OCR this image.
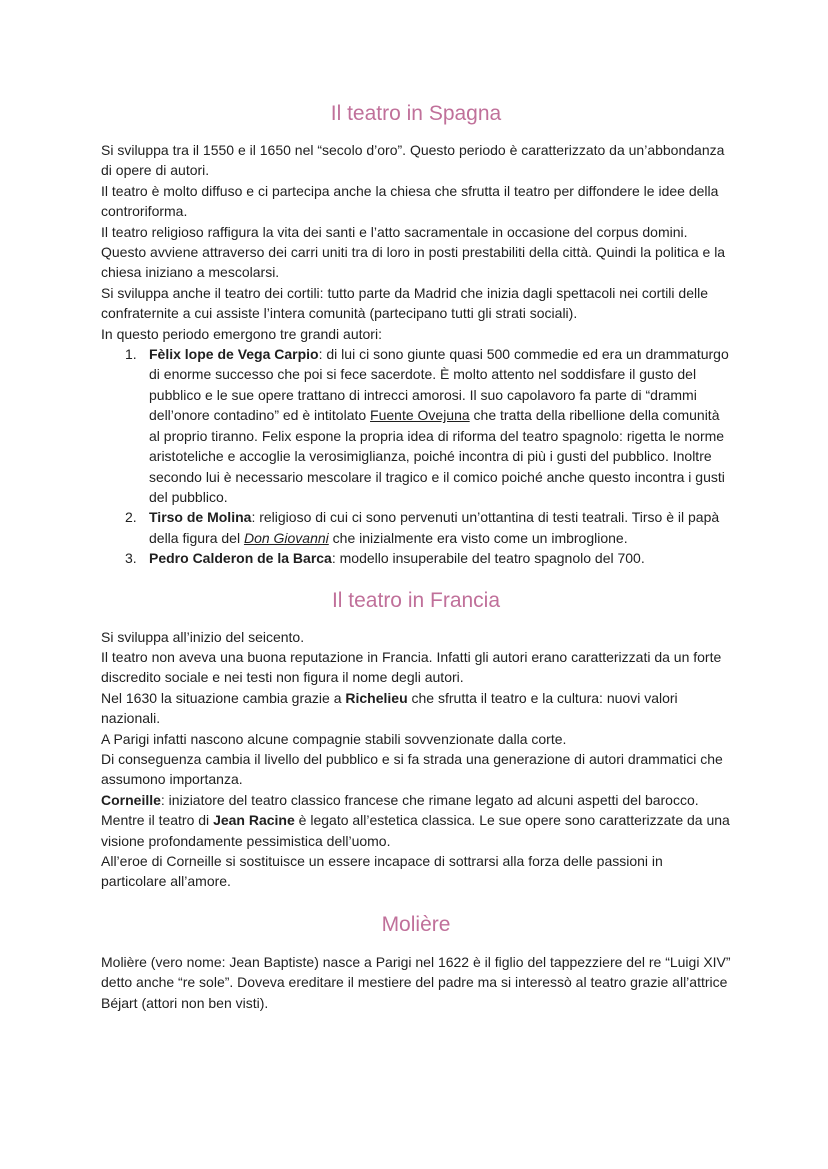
Il teatro in Spagna

Si sviluppa tra il 1550 e il 1650 nel “secolo d’oro”. Questo periodo è caratterizzato da un’abbondanza di opere di autori.

Il teatro è molto diffuso e ci partecipa anche la chiesa che sfrutta il teatro per diffondere le idee della controriforma.

Il teatro religioso raffigura la vita dei santi e l’atto sacramentale in occasione del corpus domini. Questo avviene attraverso dei carri uniti tra di loro in posti prestabiliti della città. Quindi la politica e la chiesa iniziano a mescolarsi.

Si sviluppa anche il teatro dei cortili: tutto parte da Madrid che inizia dagli spettacoli nei cortili delle confraternite a cui assiste l’intera comunità (partecipano tutti gli strati sociali).

In questo periodo emergono tre grandi autori:

1. Fèlix lope de Vega Carpio: di lui ci sono giunte quasi 500 commedie ed era un drammaturgo di enorme successo che poi si fece sacerdote. È molto attento nel soddisfare il gusto del pubblico e le sue opere trattano di intrecci amorosi. Il suo capolavoro fa parte di “drammi dell’onore contadino” ed è intitolato Fuente Ovejuna che tratta della ribellione della comunità al proprio tiranno. Felix espone la propria idea di riforma del teatro spagnolo: rigetta le norme aristoteliche e accoglie la verosimiglianza, poiché incontra di più i gusti del pubblico. Inoltre secondo lui è necessario mescolare il tragico e il comico poiché anche questo incontra i gusti del pubblico.
2. Tirso de Molina: religioso di cui ci sono pervenuti un’ottantina di testi teatrali. Tirso è il papà della figura del Don Giovanni che inizialmente era visto come un imbroglione.
3. Pedro Calderon de la Barca: modello insuperabile del teatro spagnolo del 700.
Il teatro in Francia

Si sviluppa all’inizio del seicento.

Il teatro non aveva una buona reputazione in Francia. Infatti gli autori erano caratterizzati da un forte discredito sociale e nei testi non figura il nome degli autori.

Nel 1630 la situazione cambia grazie a Richelieu che sfrutta il teatro e la cultura: nuovi valori nazionali.

A Parigi infatti nascono alcune compagnie stabili sovvenzionate dalla corte.

Di conseguenza cambia il livello del pubblico e si fa strada una generazione di autori drammatici che assumono importanza.

Corneille: iniziatore del teatro classico francese che rimane legato ad alcuni aspetti del barocco.

Mentre il teatro di Jean Racine è legato all’estetica classica. Le sue opere sono caratterizzate da una visione profondamente pessimistica dell’uomo.

All’eroe di Corneille si sostituisce un essere incapace di sottrarsi alla forza delle passioni in particolare all’amore.

Molière

Molière (vero nome: Jean Baptiste) nasce a Parigi nel 1622 è il figlio del tappezziere del re “Luigi XIV” detto anche “re sole”. Doveva ereditare il mestiere del padre ma si interessò al teatro grazie all’attrice Béjart (attori non ben visti).
